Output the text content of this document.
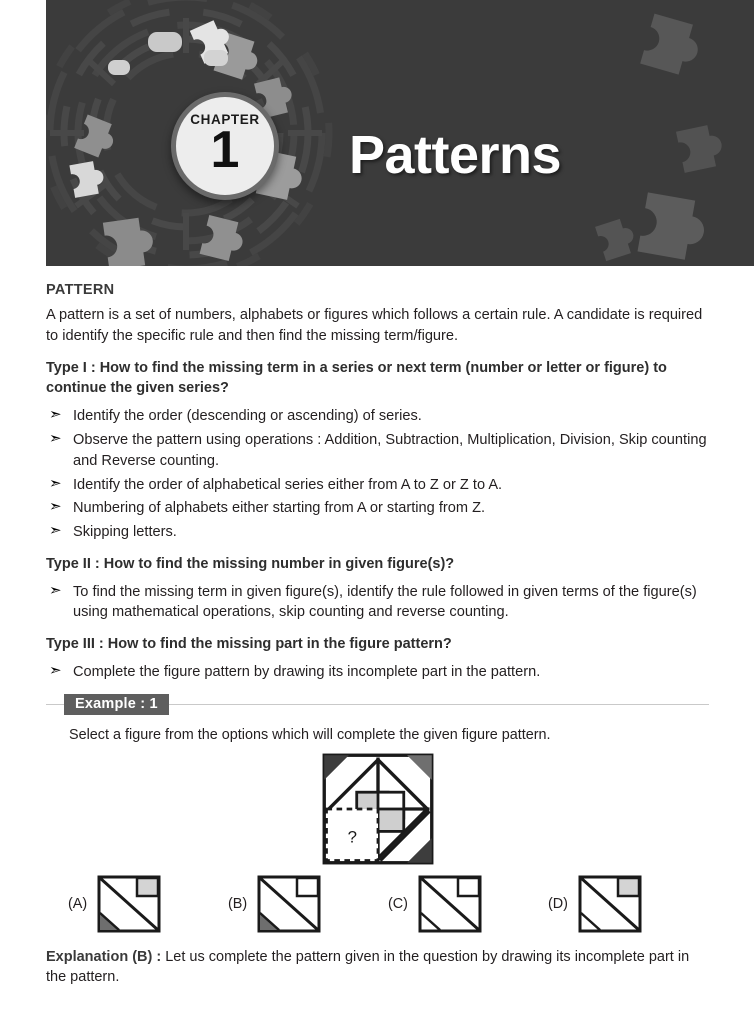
CHAPTER
1	Patterns
PATTERN

A pattern is a set of numbers, alphabets or figures which follows a certain rule. A candidate is required to identify the specific rule and then find the missing term/figure.

Type I : How to find the missing term in a series or next term (number or letter or figure) to continue the given series?

➣ Identify the order (descending or ascending) of series.
➣ Observe the pattern using operations : Addition, Subtraction, Multiplication, Division, Skip counting and Reverse counting.
➣ Identify the order of alphabetical series either from A to Z or Z to A.
➣ Numbering of alphabets either starting from A or starting from Z.
➣ Skipping letters.

Type II : How to find the missing number in given figure(s)?

➣ To find the missing term in given figure(s), identify the rule followed in given terms of the figure(s) using mathematical operations, skip counting and reverse counting.

Type III : How to find the missing part in the figure pattern?

➣ Complete the figure pattern by drawing its incomplete part in the pattern.
Example : 1

Select a figure from the options which will complete the given figure pattern.

?
(A)	(B)	(C)	(D)

Explanation (B) : Let us complete the pattern given in the question by drawing its incomplete part in the pattern.
